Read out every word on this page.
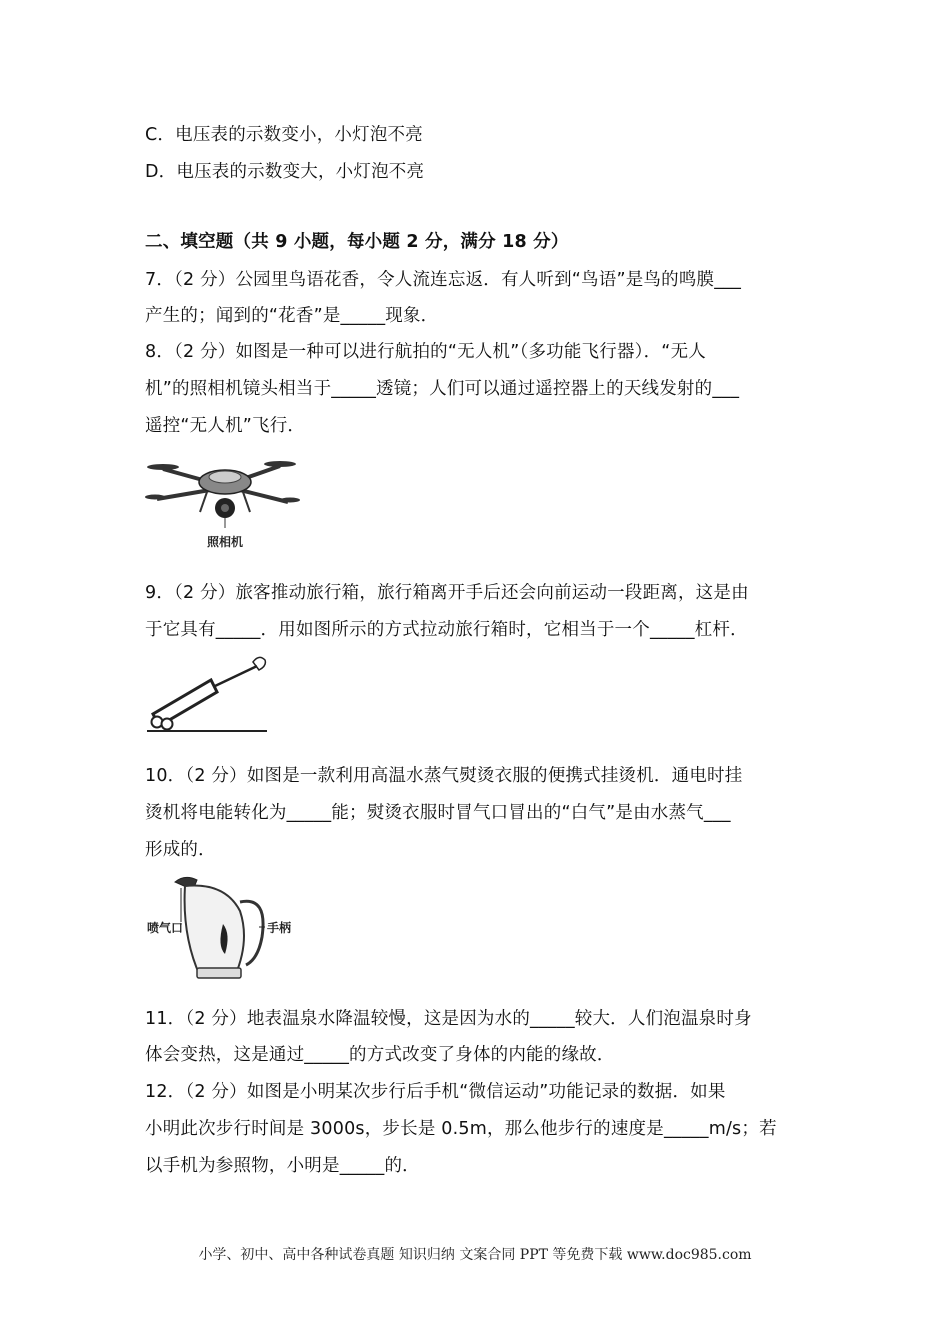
C．电压表的示数变小，小灯泡不亮
D．电压表的示数变大，小灯泡不亮
二、填空题（共 9 小题，每小题 2 分，满分 18 分）
7．（2 分）公园里鸟语花香，令人流连忘返．有人听到“鸟语”是鸟的鸣膜___
产生的；闻到的“花香”是_____现象．
8．（2 分）如图是一种可以进行航拍的“无人机”（多功能飞行器）．“无人
机”的照相机镜头相当于_____透镜；人们可以通过遥控器上的天线发射的___
遥控“无人机”飞行．
照相机
9．（2 分）旅客推动旅行箱，旅行箱离开手后还会向前运动一段距离，这是由
于它具有_____．用如图所示的方式拉动旅行箱时，它相当于一个_____杠杆．
10．（2 分）如图是一款利用高温水蒸气熨烫衣服的便携式挂烫机．通电时挂
烫机将电能转化为_____能；熨烫衣服时冒气口冒出的“白气”是由水蒸气___
形成的．
喷气口	手柄
11．（2 分）地表温泉水降温较慢，这是因为水的_____较大．人们泡温泉时身
体会变热，这是通过_____的方式改变了身体的内能的缘故．
12．（2 分）如图是小明某次步行后手机“微信运动”功能记录的数据．如果
小明此次步行时间是 3000s，步长是 0.5m，那么他步行的速度是_____m/s；若
以手机为参照物，小明是_____的．
小学、初中、高中各种试卷真题 知识归纳 文案合同 PPT 等免费下载 www.doc985.com
